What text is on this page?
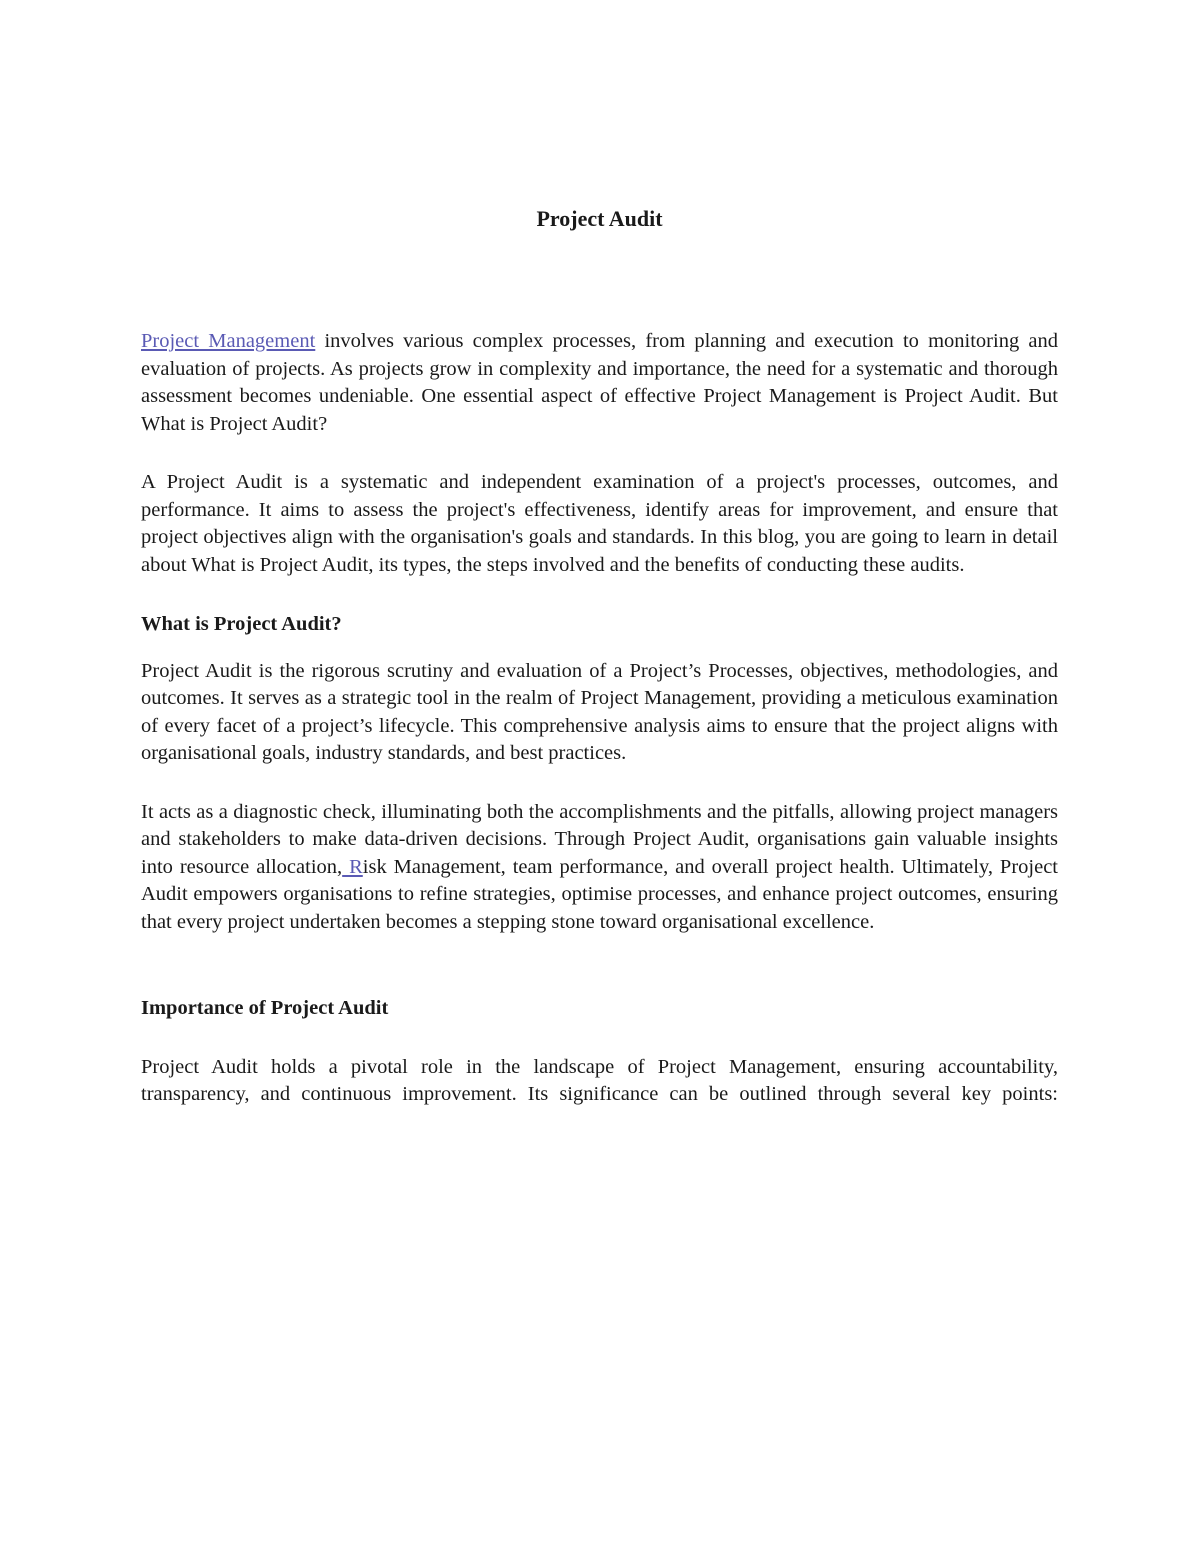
Project Audit

Project Management involves various complex processes, from planning and execution to monitoring and evaluation of projects. As projects grow in complexity and importance, the need for a systematic and thorough assessment becomes undeniable. One essential aspect of effective Project Management is Project Audit. But What is Project Audit?

A Project Audit is a systematic and independent examination of a project's processes, outcomes, and performance. It aims to assess the project's effectiveness, identify areas for improvement, and ensure that project objectives align with the organisation's goals and standards. In this blog, you are going to learn in detail about What is Project Audit, its types, the steps involved and the benefits of conducting these audits.

What is Project Audit?

Project Audit is the rigorous scrutiny and evaluation of a Project’s Processes, objectives, methodologies, and outcomes. It serves as a strategic tool in the realm of Project Management, providing a meticulous examination of every facet of a project’s lifecycle. This comprehensive analysis aims to ensure that the project aligns with organisational goals, industry standards, and best practices.

It acts as a diagnostic check, illuminating both the accomplishments and the pitfalls, allowing project managers and stakeholders to make data-driven decisions. Through Project Audit, organisations gain valuable insights into resource allocation, Risk Management, team performance, and overall project health. Ultimately, Project Audit empowers organisations to refine strategies, optimise processes, and enhance project outcomes, ensuring that every project undertaken becomes a stepping stone toward organisational excellence.

Importance of Project Audit

Project Audit holds a pivotal role in the landscape of Project Management, ensuring accountability, transparency, and continuous improvement. Its significance can be outlined through several key points:
